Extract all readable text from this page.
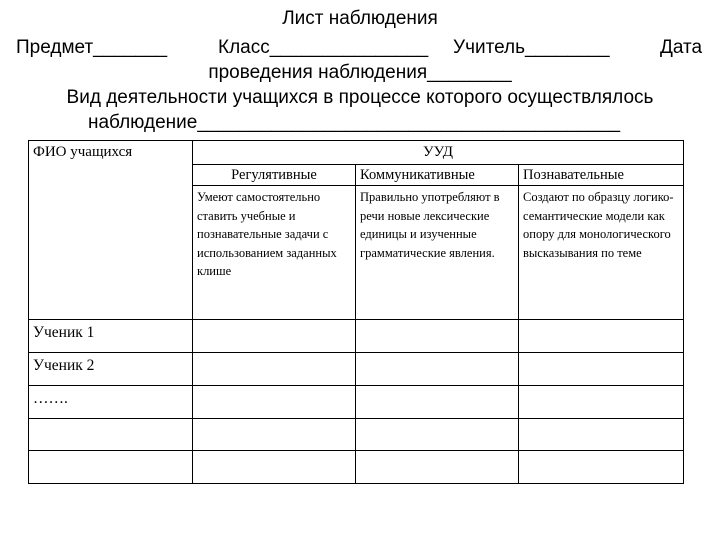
Лист наблюдения
Предмет_______	Класс_______________ Учитель________	Дата
проведения наблюдения________
Вид деятельности учащихся в процессе которого осуществлялось
наблюдение________________________________________
ФИО учащихся	УУД		
	Регулятивные	Коммуникативные	Познавательные
	Умеют самостоятельно ставить учебные и познавательные задачи с использованием заданных клише	Правильно употребляют в речи новые лексические единицы и изученные грамматические явления.	Создают по образцу логико-семантические модели как опору для монологического высказывания по теме
Ученик 1			
Ученик 2			
…….			
